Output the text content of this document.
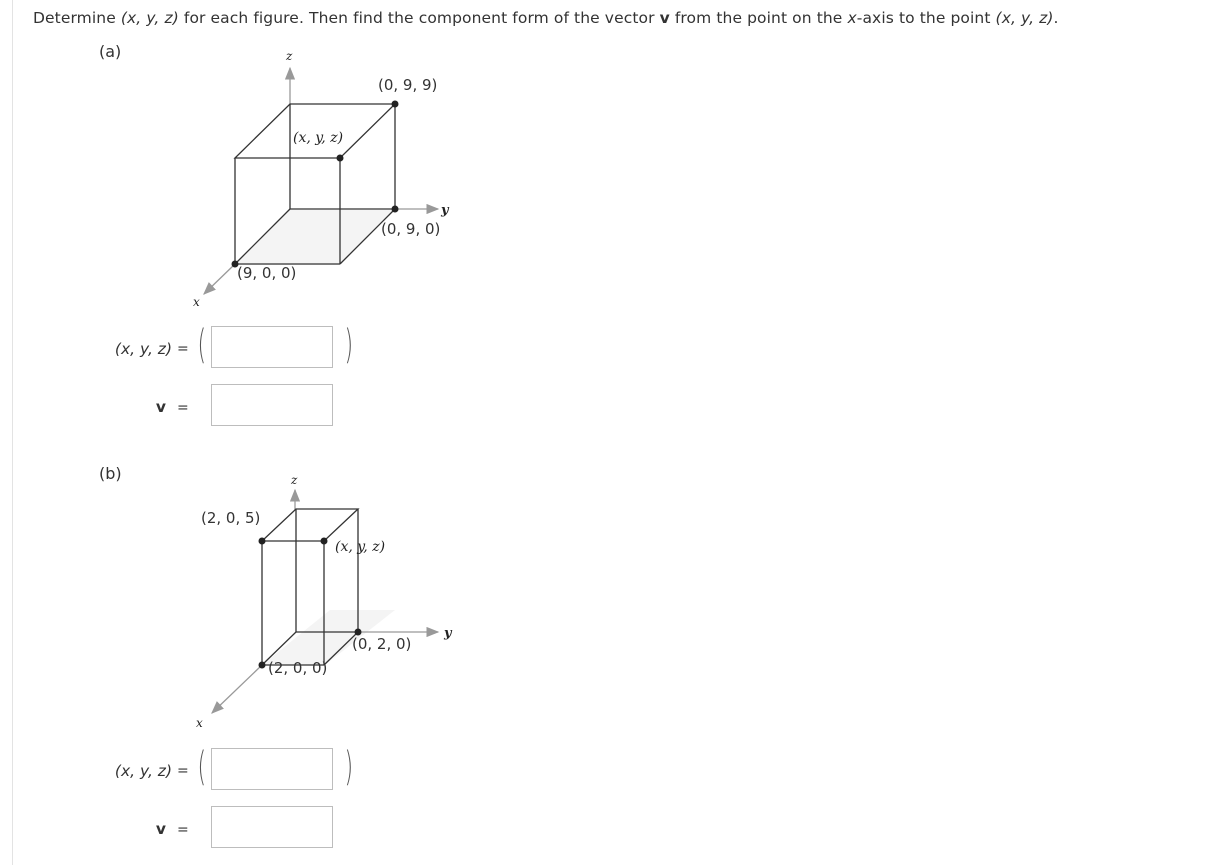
Determine (x, y, z) for each figure. Then find the component form of the vector v from the point on the x-axis to the point (x, y, z).
(a)	z
y
x
(0, 9, 9)
(x, y, z)
(0, 9, 0)
(9, 0, 0)
(x, y, z) = (	)
v =
(b)	z
y
x
(2, 0, 5)
(x, y, z)
(0, 2, 0)
(2, 0, 0)
(x, y, z) = (	)
v =
